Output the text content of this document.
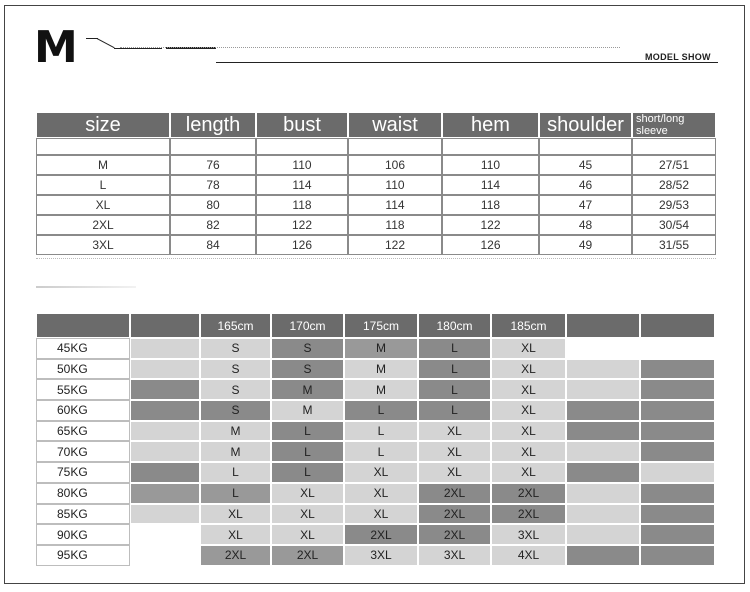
M	MODEL SHOW
size	length	bust	waist	hem	shoulder	short/long sleeve

M	76	110	106	110	45	27/51
L	78	114	110	114	46	28/52
XL	80	118	114	118	47	29/53
2XL	82	122	118	122	48	30/54
3XL	84	126	122	126	49	31/55
		165cm	170cm	175cm	180cm	185cm		
45KG		S	S	M	L	XL		
50KG		S	S	M	L	XL		
55KG		S	M	M	L	XL		
60KG		S	M	L	L	XL		
65KG		M	L	L	XL	XL		
70KG		M	L	L	XL	XL		
75KG		L	L	XL	XL	XL		
80KG		L	XL	XL	2XL	2XL		
85KG		XL	XL	XL	2XL	2XL		
90KG		XL	XL	2XL	2XL	3XL		
95KG		2XL	2XL	3XL	3XL	4XL		
